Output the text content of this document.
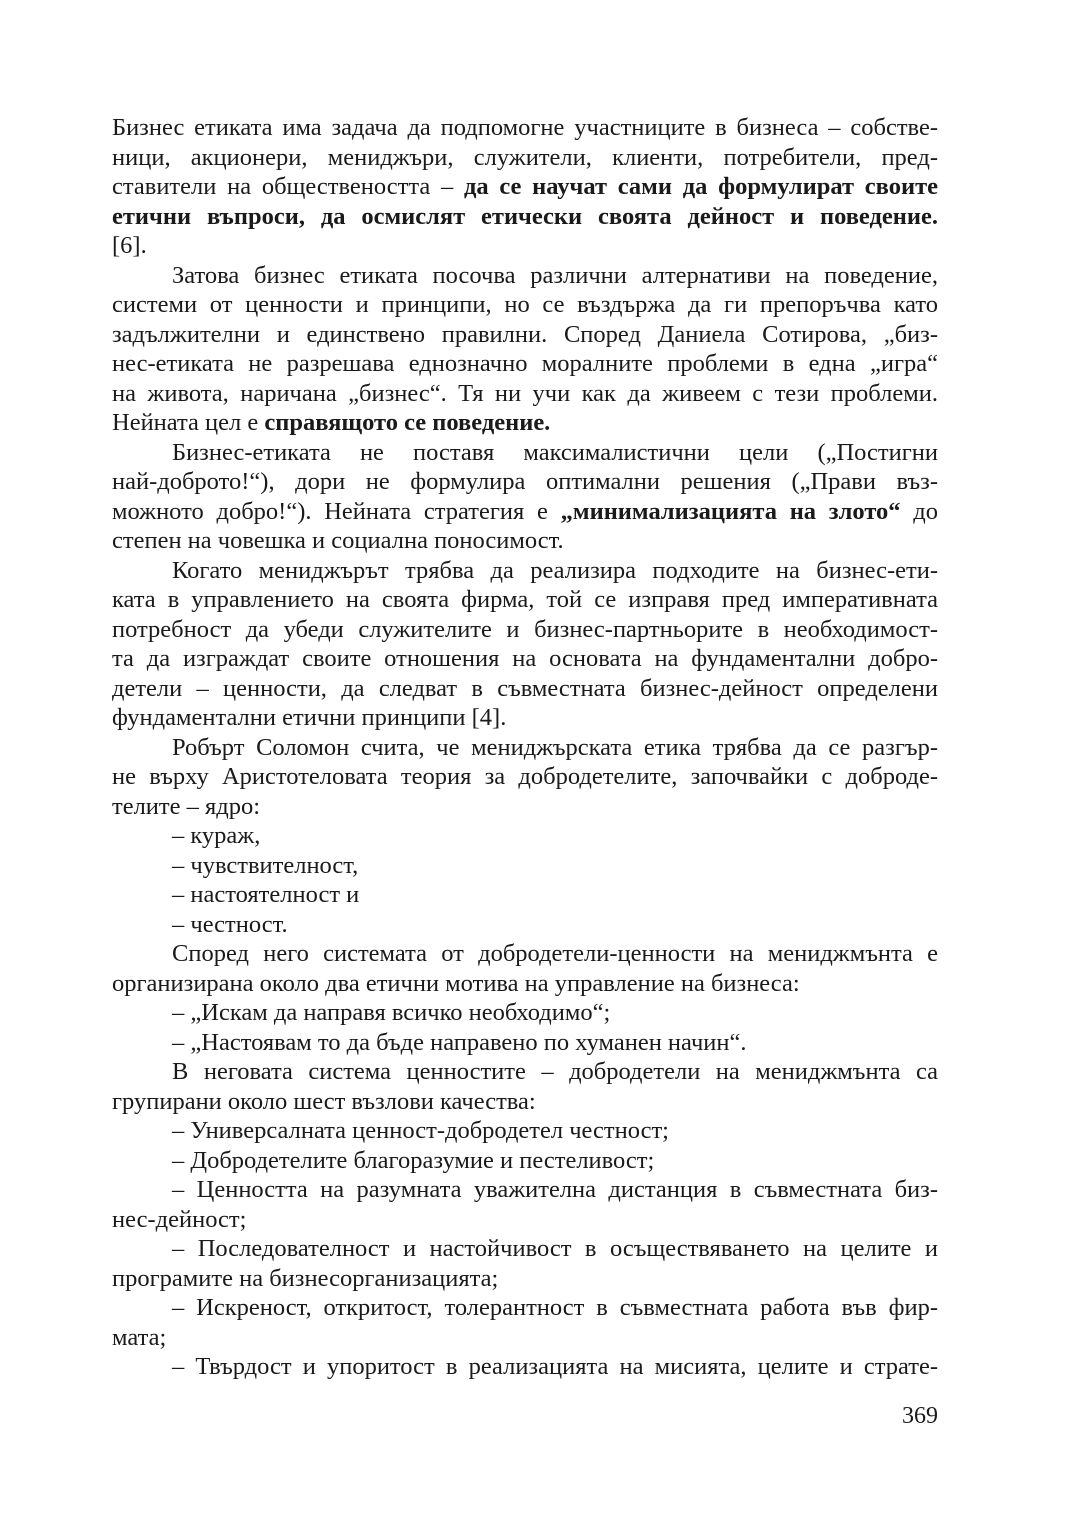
Бизнес етиката има задача да подпомогне участниците в бизнеса – собстве-
ници, акционери, мениджъри, служители, клиенти, потребители, пред-
ставители на обществеността – да се научат сами да формулират своите
етични въпроси, да осмислят етически своята дейност и поведение.
[6].
Затова бизнес етиката посочва различни алтернативи на поведение,
системи от ценности и принципи, но се въздържа да ги препоръчва като
задължителни и единствено правилни. Според Даниела Сотирова, „биз-
нес-етиката не разрешава еднозначно моралните проблеми в една „игра“
на живота, наричана „бизнес“. Тя ни учи как да живеем с тези проблеми.
Нейната цел е справящото се поведение.
Бизнес-етиката не поставя максималистични цели („Постигни
най-доброто!“), дори не формулира оптимални решения („Прави въз-
можното добро!“). Нейната стратегия е „минимализацията на злото“ до
степен на човешка и социална поносимост.
Когато мениджърът трябва да реализира подходите на бизнес-ети-
ката в управлението на своята фирма, той се изправя пред императивната
потребност да убеди служителите и бизнес-партньорите в необходимост-
та да изграждат своите отношения на основата на фундаментални добро-
детели – ценности, да следват в съвместната бизнес-дейност определени
фундаментални етични принципи [4].
Робърт Соломон счита, че мениджърската етика трябва да се разгър-
не върху Аристотеловата теория за добродетелите, започвайки с доброде-
телите – ядро:
– кураж,
– чувствителност,
– настоятелност и
– честност.
Според него системата от добродетели-ценности на мениджмънта е
организирана около два етични мотива на управление на бизнеса:
– „Искам да направя всичко необходимо“;
– „Настоявам то да бъде направено по хуманен начин“.
В неговата система ценностите – добродетели на мениджмънта са
групирани около шест възлови качества:
– Универсалната ценност-добродетел честност;
– Добродетелите благоразумие и пестеливост;
– Ценността на разумната уважителна дистанция в съвместната биз-
нес-дейност;
– Последователност и настойчивост в осъществяването на целите и
програмите на бизнесорганизацията;
– Искреност, откритост, толерантност в съвместната работа във фир-
мата;
– Твърдост и упоритост в реализацията на мисията, целите и страте-
369
